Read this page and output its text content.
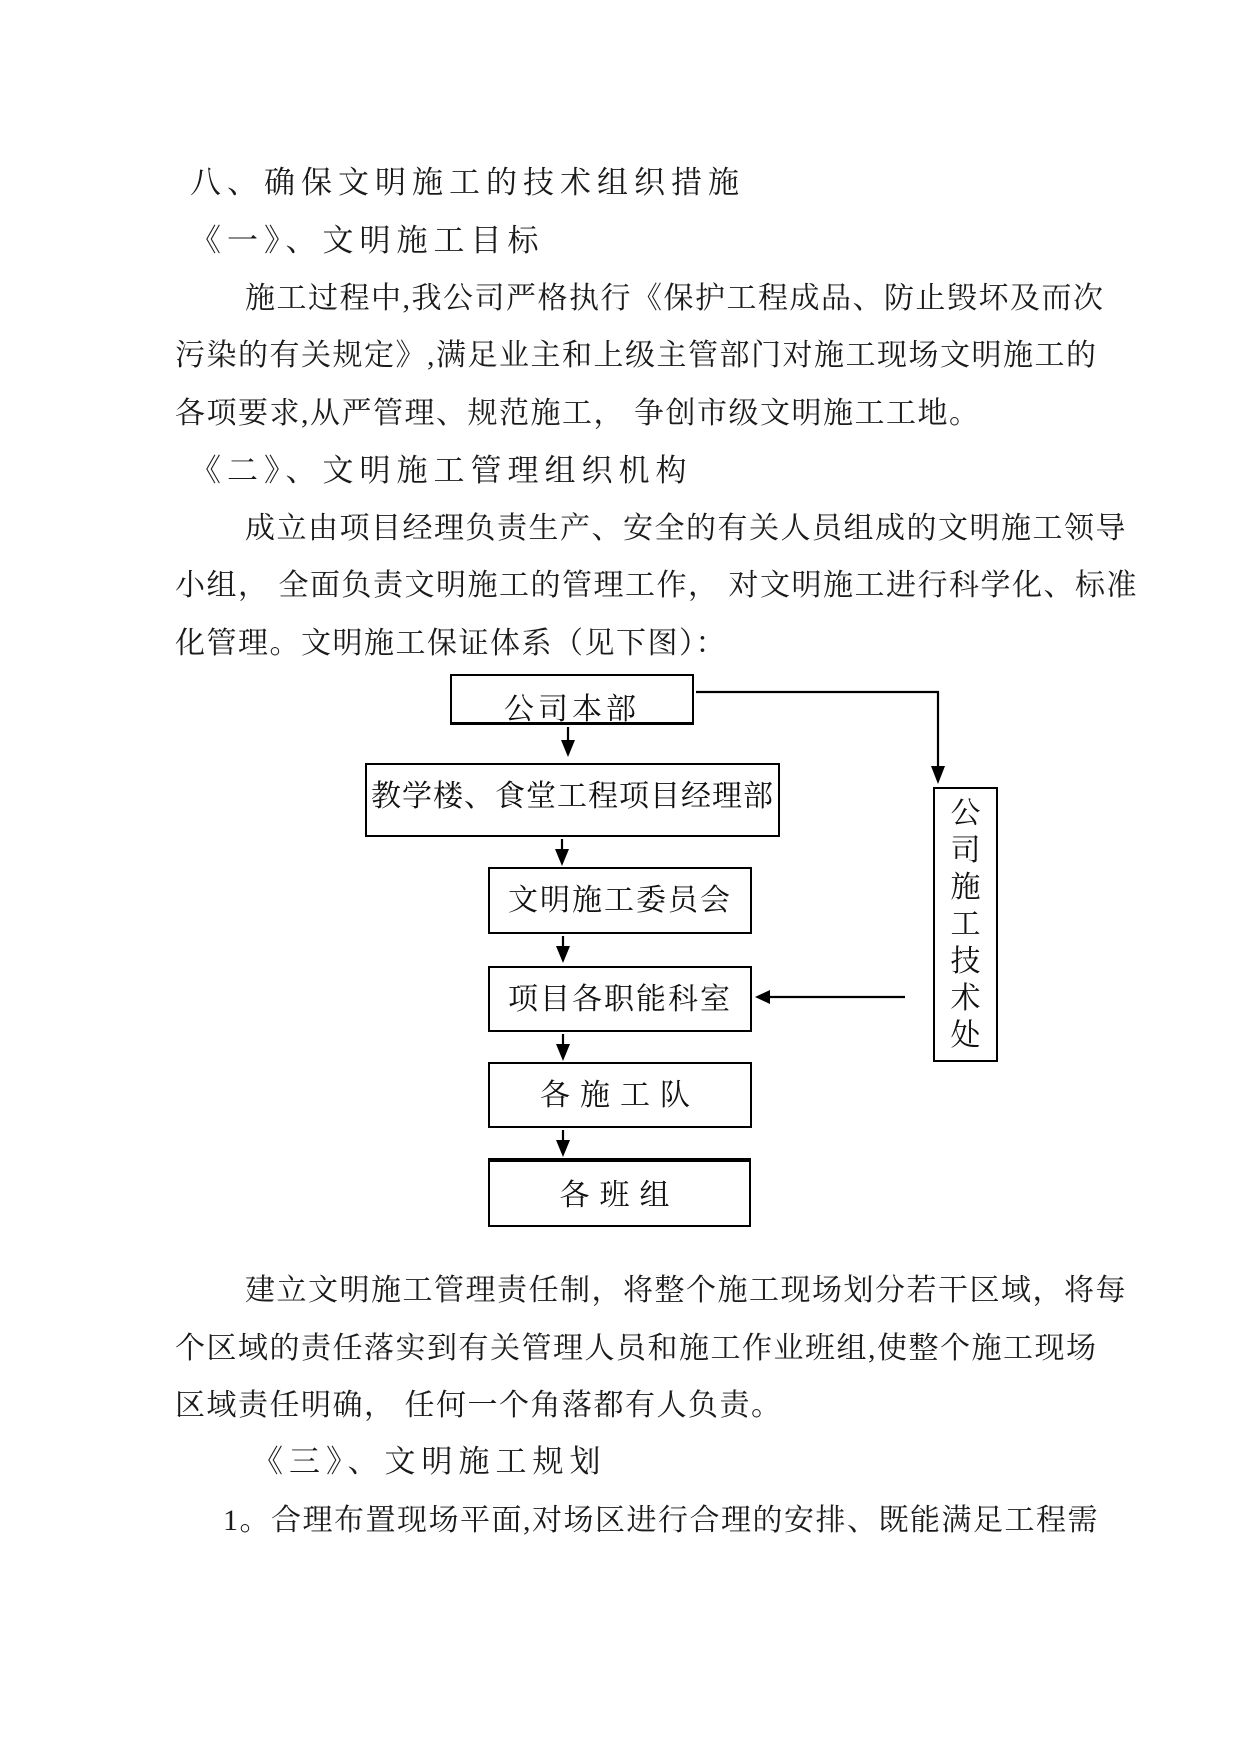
八、确保文明施工的技术组织措施
《一》、文明施工目标
施工过程中,我公司严格执行《保护工程成品、防止毁坏及而次
污染的有关规定》,满足业主和上级主管部门对施工现场文明施工的
各项要求,从严管理、规范施工， 争创市级文明施工工地。
《二》、文明施工管理组织机构
成立由项目经理负责生产、安全的有关人员组成的文明施工领导
小组， 全面负责文明施工的管理工作， 对文明施工进行科学化、标准
化管理。文明施工保证体系（见下图）：
公司本部
教学楼、食堂工程项目经理部
文明施工委员会
项目各职能科室
各施工队
各班组
公
司
施
工
技
术
处
建立文明施工管理责任制，将整个施工现场划分若干区域，将每
个区域的责任落实到有关管理人员和施工作业班组,使整个施工现场
区域责任明确， 任何一个角落都有人负责。
《三》、文明施工规划
1。合理布置现场平面,对场区进行合理的安排、既能满足工程需
